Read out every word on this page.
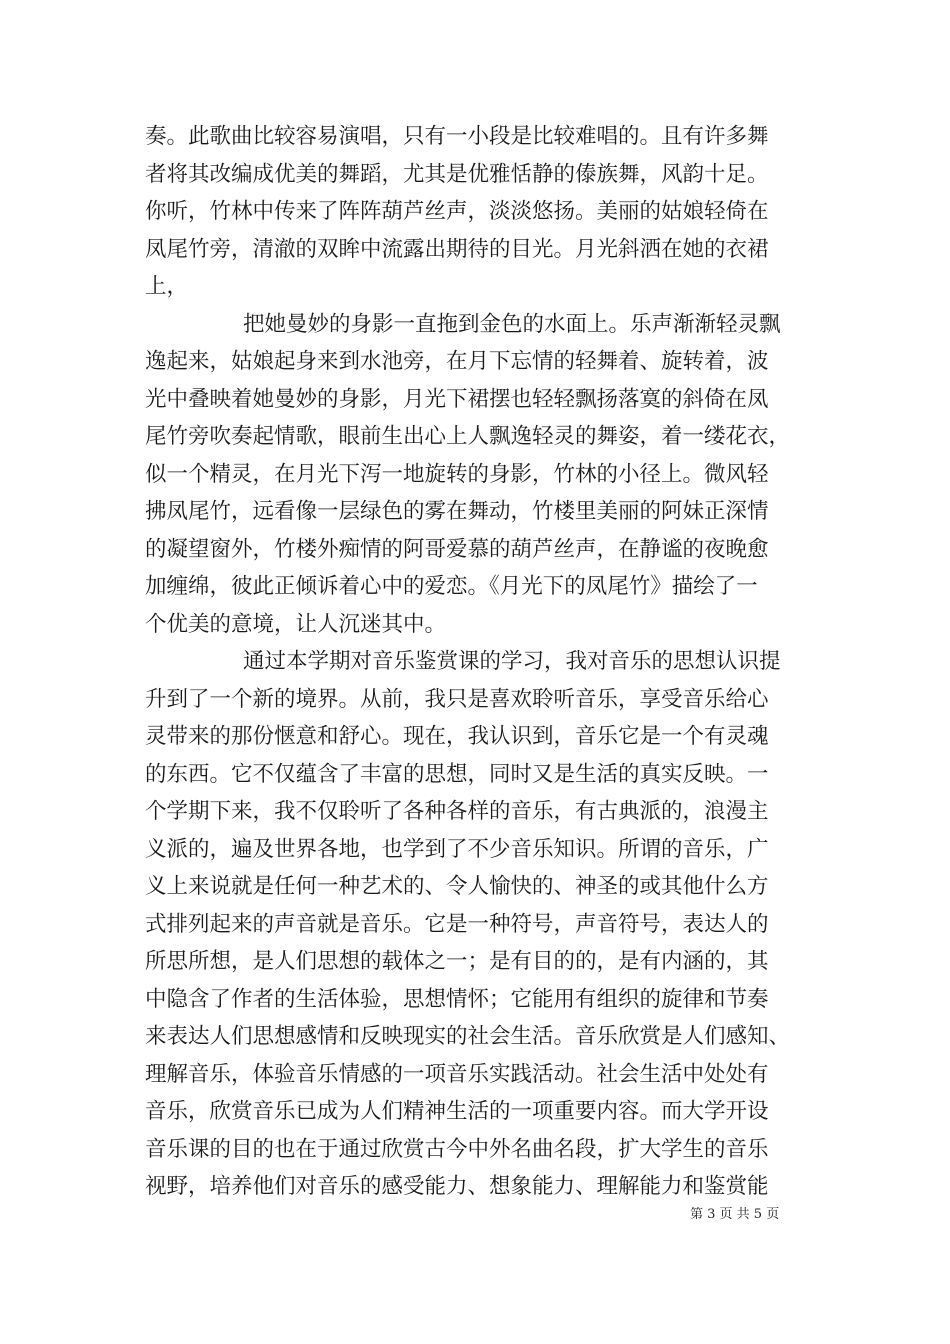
奏。此歌曲比较容易演唱，只有一小段是比较难唱的。且有许多舞
者将其改编成优美的舞蹈，尤其是优雅恬静的傣族舞，风韵十足。
你听，竹林中传来了阵阵葫芦丝声，淡淡悠扬。美丽的姑娘轻倚在
凤尾竹旁，清澈的双眸中流露出期待的目光。月光斜洒在她的衣裙
上，
把她曼妙的身影一直拖到金色的水面上。乐声渐渐轻灵飘
逸起来，姑娘起身来到水池旁，在月下忘情的轻舞着、旋转着，波
光中叠映着她曼妙的身影，月光下裙摆也轻轻飘扬落寞的斜倚在凤
尾竹旁吹奏起情歌，眼前生出心上人飘逸轻灵的舞姿，着一缕花衣，
似一个精灵，在月光下泻一地旋转的身影，竹林的小径上。微风轻
拂凤尾竹，远看像一层绿色的雾在舞动，竹楼里美丽的阿妹正深情
的凝望窗外，竹楼外痴情的阿哥爱慕的葫芦丝声，在静谧的夜晚愈
加缠绵，彼此正倾诉着心中的爱恋。《月光下的凤尾竹》描绘了一
个优美的意境，让人沉迷其中。
通过本学期对音乐鉴赏课的学习，我对音乐的思想认识提
升到了一个新的境界。从前，我只是喜欢聆听音乐，享受音乐给心
灵带来的那份惬意和舒心。现在，我认识到，音乐它是一个有灵魂
的东西。它不仅蕴含了丰富的思想，同时又是生活的真实反映。一
个学期下来，我不仅聆听了各种各样的音乐，有古典派的，浪漫主
义派的，遍及世界各地，也学到了不少音乐知识。所谓的音乐，广
义上来说就是任何一种艺术的、令人愉快的、神圣的或其他什么方
式排列起来的声音就是音乐。它是一种符号，声音符号，表达人的
所思所想，是人们思想的载体之一；是有目的的，是有内涵的，其
中隐含了作者的生活体验，思想情怀；它能用有组织的旋律和节奏
来表达人们思想感情和反映现实的社会生活。音乐欣赏是人们感知、
理解音乐，体验音乐情感的一项音乐实践活动。社会生活中处处有
音乐，欣赏音乐已成为人们精神生活的一项重要内容。而大学开设
音乐课的目的也在于通过欣赏古今中外名曲名段，扩大学生的音乐
视野，培养他们对音乐的感受能力、想象能力、理解能力和鉴赏能
第 3 页 共 5 页
